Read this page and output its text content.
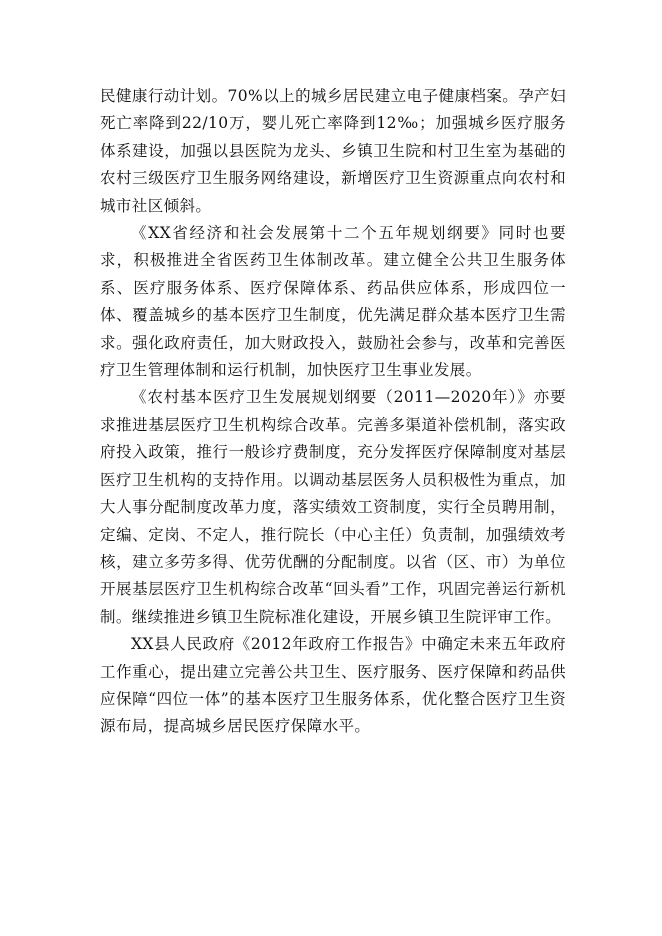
民健康行动计划。70%以上的城乡居民建立电子健康档案。孕产妇死亡率降到22/10万，婴儿死亡率降到12‰；加强城乡医疗服务体系建设，加强以县医院为龙头、乡镇卫生院和村卫生室为基础的农村三级医疗卫生服务网络建设，新增医疗卫生资源重点向农村和城市社区倾斜。

《XX省经济和社会发展第十二个五年规划纲要》同时也要求，积极推进全省医药卫生体制改革。建立健全公共卫生服务体系、医疗服务体系、医疗保障体系、药品供应体系，形成四位一体、覆盖城乡的基本医疗卫生制度，优先满足群众基本医疗卫生需求。强化政府责任，加大财政投入，鼓励社会参与，改革和完善医疗卫生管理体制和运行机制，加快医疗卫生事业发展。

《农村基本医疗卫生发展规划纲要（2011—2020年）》亦要求推进基层医疗卫生机构综合改革。完善多渠道补偿机制，落实政府投入政策，推行一般诊疗费制度，充分发挥医疗保障制度对基层医疗卫生机构的支持作用。以调动基层医务人员积极性为重点，加大人事分配制度改革力度，落实绩效工资制度，实行全员聘用制，定编、定岗、不定人，推行院长（中心主任）负责制，加强绩效考核，建立多劳多得、优劳优酬的分配制度。以省（区、市）为单位开展基层医疗卫生机构综合改革“回头看”工作，巩固完善运行新机制。继续推进乡镇卫生院标准化建设，开展乡镇卫生院评审工作。

XX县人民政府《2012年政府工作报告》中确定未来五年政府工作重心，提出建立完善公共卫生、医疗服务、医疗保障和药品供应保障“四位一体”的基本医疗卫生服务体系，优化整合医疗卫生资源布局，提高城乡居民医疗保障水平。
